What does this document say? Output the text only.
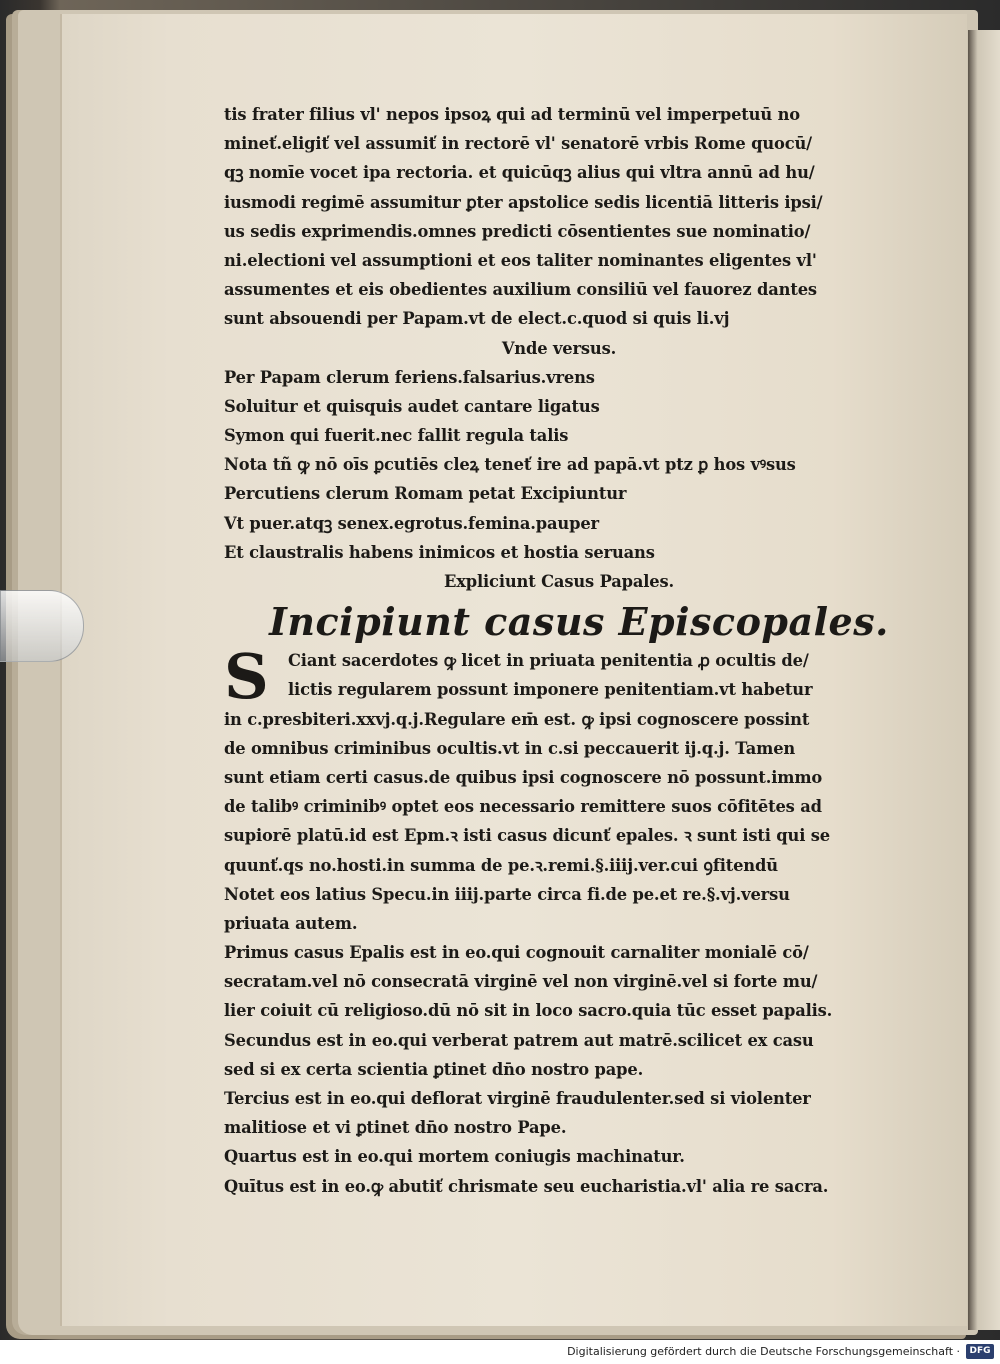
tis frater filius vl' nepos ipsoꝝ qui ad terminū vel imperpetuū no
mineť.eligiť vel assumiť in rectorē vl' senatorē vrbis Rome quocū/
qꝫ nomīe vocet ipa rectoria. et quicūqꝫ alius qui vltra annū ad hu/
iusmodi regimē assumitur ꝑter apstolice sedis licentiā litteris ipsi/
us sedis exprimendis.omnes predicti cōsentientes sue nominatio/
ni.electioni vel assumptioni et eos taliter nominantes eligentes vl'
assumentes et eis obedientes auxilium consiliū vel fauorez dantes
sunt absouendi per Papam.vt de elect.c.quod si quis li.vj
Vnde versus.
Per Papam clerum feriens.falsarius.vrens
Soluitur et quisquis audet cantare ligatus
Symon qui fuerit.nec fallit regula talis
Nota tñ ꝙ nō oīs ꝑcutiēs cleꝝ teneť ire ad papā.vt ptz ꝑ hos vꝰsus
Percutiens clerum Romam petat Excipiuntur
Vt puer.atqꝫ senex.egrotus.femina.pauper
Et claustralis habens inimicos et hostia seruans
Expliciunt Casus Papales.
Incipiunt casus Episcopales.
S Ciant sacerdotes ꝙ licet in priuata penitentia ꝓ ocultis de/
lictis regularem possunt imponere penitentiam.vt habetur
in c.presbiteri.xxvj.q.j.Regulare em̄ est. ꝙ ipsi cognoscere possint
de omnibus criminibus ocultis.vt in c.si peccauerit ij.q.j. Tamen
sunt etiam certi casus.de quibus ipsi cognoscere nō possunt.immo
de talibꝰ criminibꝰ optet eos necessario remittere suos cōfitētes ad
supiorē platū.id est Epm.ꝛ isti casus dicunť epales. ꝛ sunt isti qui se
quunť.qs no.hosti.in summa de pe.ꝛ.remi.§.iiij.ver.cui ꝯfitendū
Notet eos latius Specu.in iiij.parte circa fi.de pe.et re.§.vj.versu
priuata autem.
Primus casus Epalis est in eo.qui cognouit carnaliter monialē cō/
secratam.vel nō consecratā virginē vel non virginē.vel si forte mu/
lier coiuit cū religioso.dū nō sit in loco sacro.quia tūc esset papalis.
Secundus est in eo.qui verberat patrem aut matrē.scilicet ex casu
sed si ex certa scientia ꝑtinet dn̄o nostro pape.
Tercius est in eo.qui deflorat virginē fraudulenter.sed si violenter
malitiose et vi ꝑtinet dn̄o nostro Pape.
Quartus est in eo.qui mortem coniugis machinatur.
Quītus est in eo.ꝙ abutiť chrismate seu eucharistia.vl' alia re sacra.
Digitalisierung gefördert durch die Deutsche Forschungsgemeinschaft ·	DFG
